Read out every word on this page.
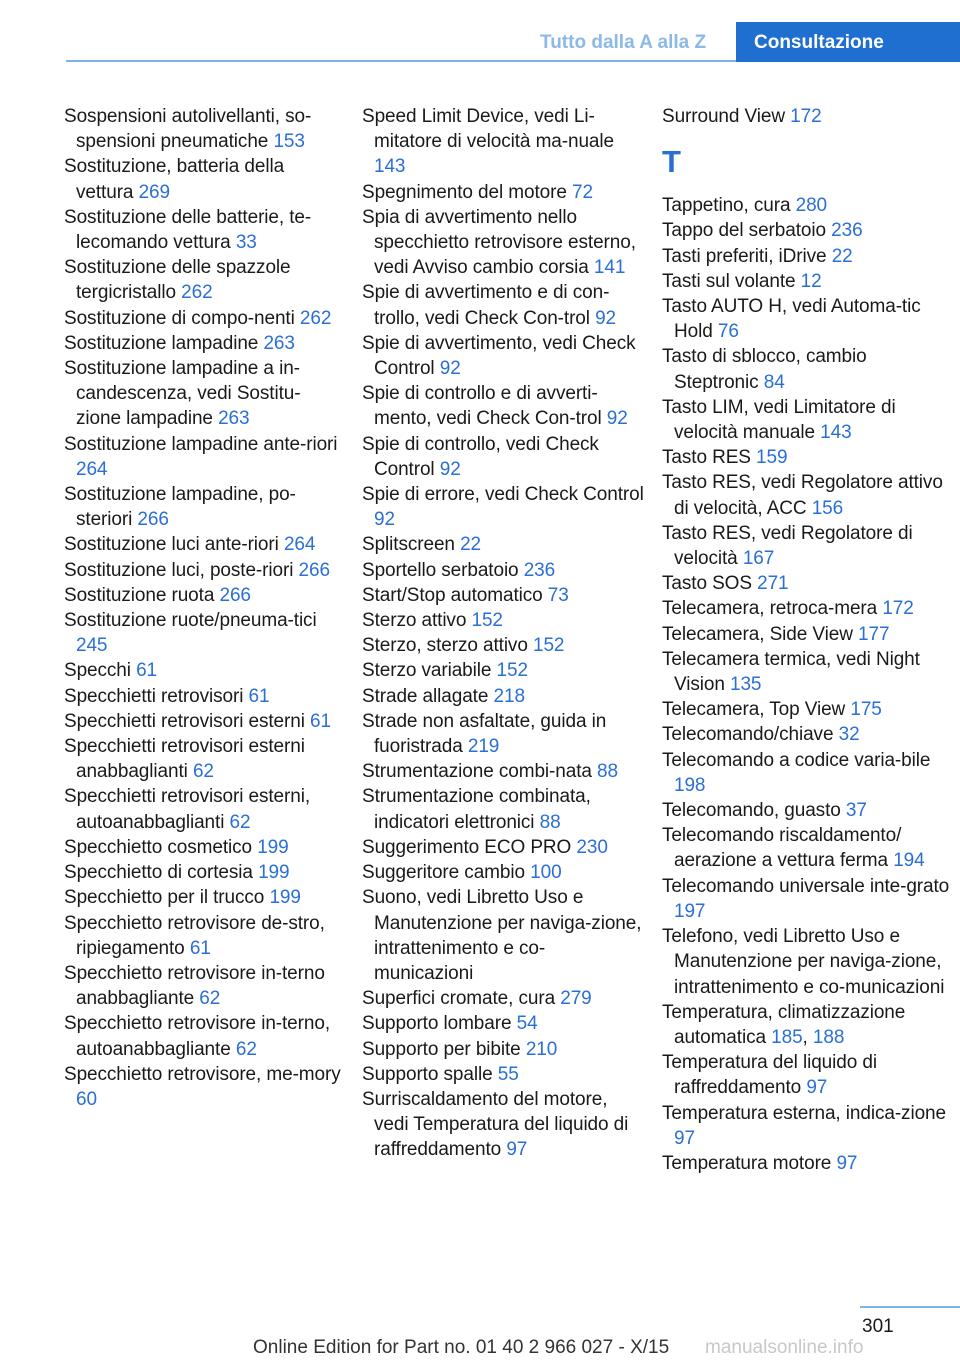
Tutto dalla A alla Z	Consultazione
Sospensioni autolivellanti, so-spensioni pneumatiche 153
Sostituzione, batteria della vettura 269
Sostituzione delle batterie, te-lecomando vettura 33
Sostituzione delle spazzole tergicristallo 262
Sostituzione di compo-nenti 262
Sostituzione lampadine 263
Sostituzione lampadine a in-candescenza, vedi Sostitu-zione lampadine 263
Sostituzione lampadine ante-riori 264
Sostituzione lampadine, po-steriori 266
Sostituzione luci ante-riori 264
Sostituzione luci, poste-riori 266
Sostituzione ruota 266
Sostituzione ruote/pneuma-tici 245
Specchi 61
Specchietti retrovisori 61
Specchietti retrovisori esterni 61
Specchietti retrovisori esterni anabbaglianti 62
Specchietti retrovisori esterni, autoanabbaglianti 62
Specchietto cosmetico 199
Specchietto di cortesia 199
Specchietto per il trucco 199
Specchietto retrovisore de-stro, ripiegamento 61
Specchietto retrovisore in-terno anabbagliante 62
Specchietto retrovisore in-terno, autoanabbagliante 62
Specchietto retrovisore, me-mory 60
Speed Limit Device, vedi Li-mitatore di velocità ma-nuale 143
Spegnimento del motore 72
Spia di avvertimento nello specchietto retrovisore esterno, vedi Avviso cambio corsia 141
Spie di avvertimento e di con-trollo, vedi Check Con-trol 92
Spie di avvertimento, vedi Check Control 92
Spie di controllo e di avverti-mento, vedi Check Con-trol 92
Spie di controllo, vedi Check Control 92
Spie di errore, vedi Check Control 92
Splitscreen 22
Sportello serbatoio 236
Start/Stop automatico 73
Sterzo attivo 152
Sterzo, sterzo attivo 152
Sterzo variabile 152
Strade allagate 218
Strade non asfaltate, guida in fuoristrada 219
Strumentazione combi-nata 88
Strumentazione combinata, indicatori elettronici 88
Suggerimento ECO PRO 230
Suggeritore cambio 100
Suono, vedi Libretto Uso e Manutenzione per naviga-zione, intrattenimento e co-municazioni
Superfici cromate, cura 279
Supporto lombare 54
Supporto per bibite 210
Supporto spalle 55
Surriscaldamento del motore, vedi Temperatura del liquido di raffreddamento 97
Surround View 172
T
Tappetino, cura 280
Tappo del serbatoio 236
Tasti preferiti, iDrive 22
Tasti sul volante 12
Tasto AUTO H, vedi Automa-tic Hold 76
Tasto di sblocco, cambio Steptronic 84
Tasto LIM, vedi Limitatore di velocità manuale 143
Tasto RES 159
Tasto RES, vedi Regolatore attivo di velocità, ACC 156
Tasto RES, vedi Regolatore di velocità 167
Tasto SOS 271
Telecamera, retroca-mera 172
Telecamera, Side View 177
Telecamera termica, vedi Night Vision 135
Telecamera, Top View 175
Telecomando/chiave 32
Telecomando a codice varia-bile 198
Telecomando, guasto 37
Telecomando riscaldamento/ aerazione a vettura ferma 194
Telecomando universale inte-grato 197
Telefono, vedi Libretto Uso e Manutenzione per naviga-zione, intrattenimento e co-municazioni
Temperatura, climatizzazione automatica 185, 188
Temperatura del liquido di raffreddamento 97
Temperatura esterna, indica-zione 97
Temperatura motore 97
301
Online Edition for Part no. 01 40 2 966 027 - X/15 manualsonline.info
